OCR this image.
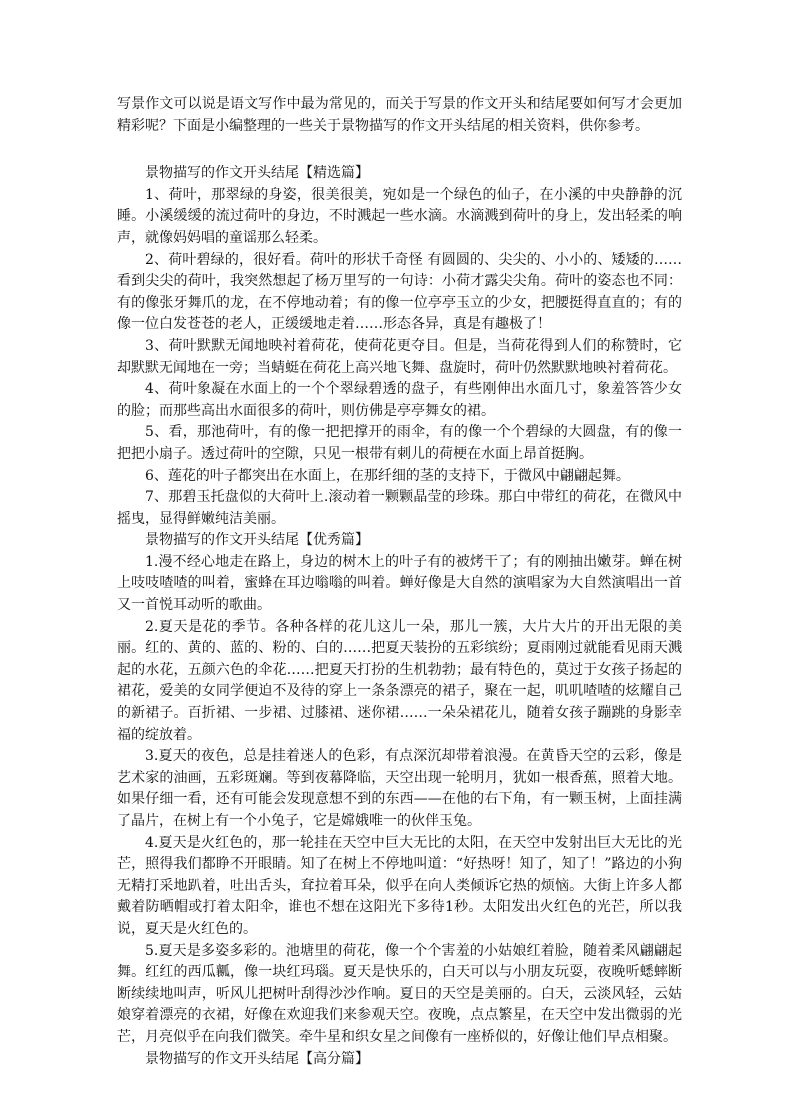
写景作文可以说是语文写作中最为常见的，而关于写景的作文开头和结尾要如何写才会更加精彩呢？下面是小编整理的一些关于景物描写的作文开头结尾的相关资料，供你参考。

景物描写的作文开头结尾【精选篇】

1、荷叶，那翠绿的身姿，很美很美，宛如是一个绿色的仙子，在小溪的中央静静的沉睡。小溪缓缓的流过荷叶的身边，不时溅起一些水滴。水滴溅到荷叶的身上，发出轻柔的响声，就像妈妈唱的童谣那么轻柔。

2、荷叶碧绿的，很好看。荷叶的形状千奇怪 有圆圆的、尖尖的、小小的、矮矮的……看到尖尖的荷叶，我突然想起了杨万里写的一句诗：小荷才露尖尖角。荷叶的姿态也不同：有的像张牙舞爪的龙，在不停地动着；有的像一位亭亭玉立的少女，把腰挺得直直的；有的像一位白发苍苍的老人，正缓缓地走着……形态各异，真是有趣极了！

3、荷叶默默无闻地映衬着荷花，使荷花更夺目。但是，当荷花得到人们的称赞时，它却默默无闻地在一旁；当蜻蜓在荷花上高兴地飞舞、盘旋时，荷叶仍然默默地映衬着荷花。

4、荷叶象凝在水面上的一个个翠绿碧透的盘子，有些刚伸出水面几寸，象羞答答少女的脸；而那些高出水面很多的荷叶，则仿佛是亭亭舞女的裙。

5、看，那池荷叶，有的像一把把撑开的雨伞，有的像一个个碧绿的大圆盘，有的像一把把小扇子。透过荷叶的空隙，只见一根带有刺儿的荷梗在水面上昂首挺胸。

6、莲花的叶子都突出在水面上，在那纤细的茎的支持下，于微风中翩翩起舞。

7、那碧玉托盘似的大荷叶上.滚动着一颗颗晶莹的珍珠。那白中带红的荷花，在微风中摇曳，显得鲜嫩纯洁美丽。

景物描写的作文开头结尾【优秀篇】

1.漫不经心地走在路上，身边的树木上的叶子有的被烤干了；有的刚抽出嫩芽。蝉在树上吱吱喳喳的叫着，蜜蜂在耳边嗡嗡的叫着。蝉好像是大自然的演唱家为大自然演唱出一首又一首悦耳动听的歌曲。

2.夏天是花的季节。各种各样的花儿这儿一朵，那儿一簇，大片大片的开出无限的美丽。红的、黄的、蓝的、粉的、白的……把夏天装扮的五彩缤纷；夏雨刚过就能看见雨天溅起的水花，五颜六色的伞花……把夏天打扮的生机勃勃；最有特色的，莫过于女孩子扬起的裙花，爱美的女同学便迫不及待的穿上一条条漂亮的裙子，聚在一起，叽叽喳喳的炫耀自己的新裙子。百折裙、一步裙、过膝裙、迷你裙……一朵朵裙花儿，随着女孩子蹦跳的身影幸福的绽放着。

3.夏天的夜色，总是挂着迷人的色彩，有点深沉却带着浪漫。在黄昏天空的云彩，像是艺术家的油画，五彩斑斓。等到夜幕降临，天空出现一轮明月，犹如一根香蕉，照着大地。如果仔细一看，还有可能会发现意想不到的东西——在他的右下角，有一颗玉树，上面挂满了晶片，在树上有一个小兔子，它是嫦娥唯一的伙伴玉兔。

4.夏天是火红色的，那一轮挂在天空中巨大无比的太阳，在天空中发射出巨大无比的光芒，照得我们都睁不开眼睛。知了在树上不停地叫道：“好热呀！知了，知了！”路边的小狗无精打采地趴着，吐出舌头，耷拉着耳朵，似乎在向人类倾诉它热的烦恼。大街上许多人都戴着防晒帽或打着太阳伞，谁也不想在这阳光下多待1秒。太阳发出火红色的光芒，所以我说，夏天是火红色的。

5.夏天是多姿多彩的。池塘里的荷花，像一个个害羞的小姑娘红着脸，随着柔风翩翩起舞。红红的西瓜瓤，像一块红玛瑙。夏天是快乐的，白天可以与小朋友玩耍，夜晚听蟋蟀断断续续地叫声，听风儿把树叶刮得沙沙作响。夏日的天空是美丽的。白天，云淡风轻，云姑娘穿着漂亮的衣裙，好像在欢迎我们来参观天空。夜晚，点点繁星，在天空中发出微弱的光芒，月亮似乎在向我们微笑。牵牛星和织女星之间像有一座桥似的，好像让他们早点相聚。

景物描写的作文开头结尾【高分篇】
